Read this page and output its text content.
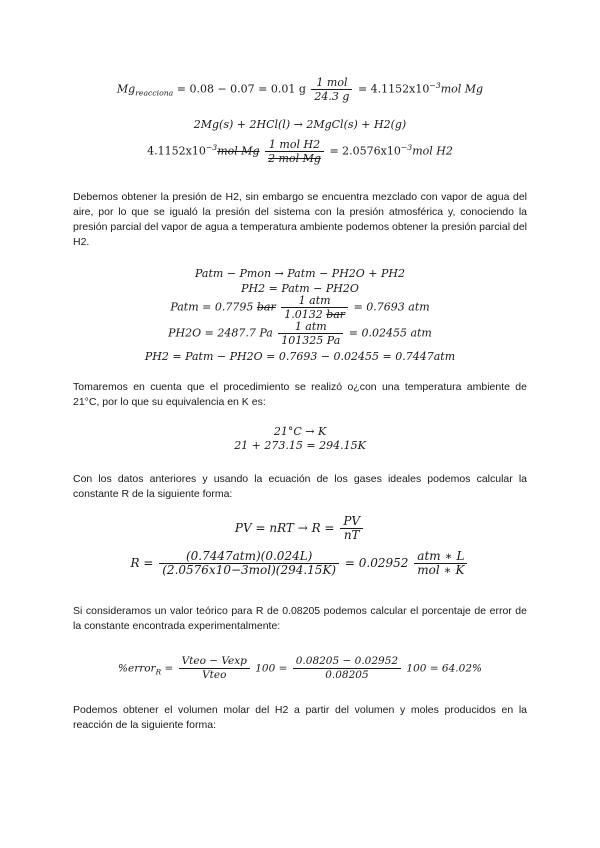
$Mg_{reacciona} = 0.08 - 0.07 = 0.01$ g $\frac{\text{1 mol}}{24.3 g} = 4.1152x10^{-3}mol$ Mg
2Mg(s) + 2HCl(l) → 2MgCl(s) + H2(g)
$4.1152x10^{-3}mol$ Mg $\frac{\text{1 mol H2}}{\text{2 mol Mg}} = 2.0576x10^{-3}mol$ H2
Debemos obtener la presión de H2, sin embargo se encuentra mezclado con vapor de agua del aire, por lo que se igualó la presión del sistema con la presión atmosférica y, conociendo la presión parcial del vapor de agua a temperatura ambiente podemos obtener la presión parcial del H2.
Patm − Pmon → Patm − PH2O + PH2
PH2 = Patm − PH2O
Patm = 0.7795 bar $\frac{\text{1 atm}}{\text{1.0132 bar}} = 0.7693$ atm
PH2O = 2487.7 Pa $\frac{\text{1 atm}}{101325 Pa} = 0.02455$ atm
PH2 = Patm − PH2O = 0.7693 − 0.02455 = 0.7447atm
Tomaremos en cuenta que el procedimiento se realizó o¿con una temperatura ambiente de 21°C, por lo que su equivalencia en K es:
21°C → K
21 + 273.15 = 294.15K
Con los datos anteriores y usando la ecuación de los gases ideales podemos calcular la constante R de la siguiente forma:
PV = nRT → $R = \frac{PV}{nT}$
$R = \frac{\text{(0.7447atm)(0.024L)}}{\text{(2.0576x10−3mol)(294.15K)}} = 0.02952 \frac{\text{atm ∗ L}}{\text{mol ∗ K}}$
Si consideramos un valor teórico para R de 0.08205 podemos calcular el porcentaje de error de la constante encontrada experimentalmente:
%error$_R$ = $\frac{\text{Vteo − Vexp}}{\text{Vteo}} 100 = \frac{0.08205 - 0.02952}{0.08205} 100 = 64.02\%$
Podemos obtener el volumen molar del H2 a partir del volumen y moles producidos en la reacción de la siguiente forma:
